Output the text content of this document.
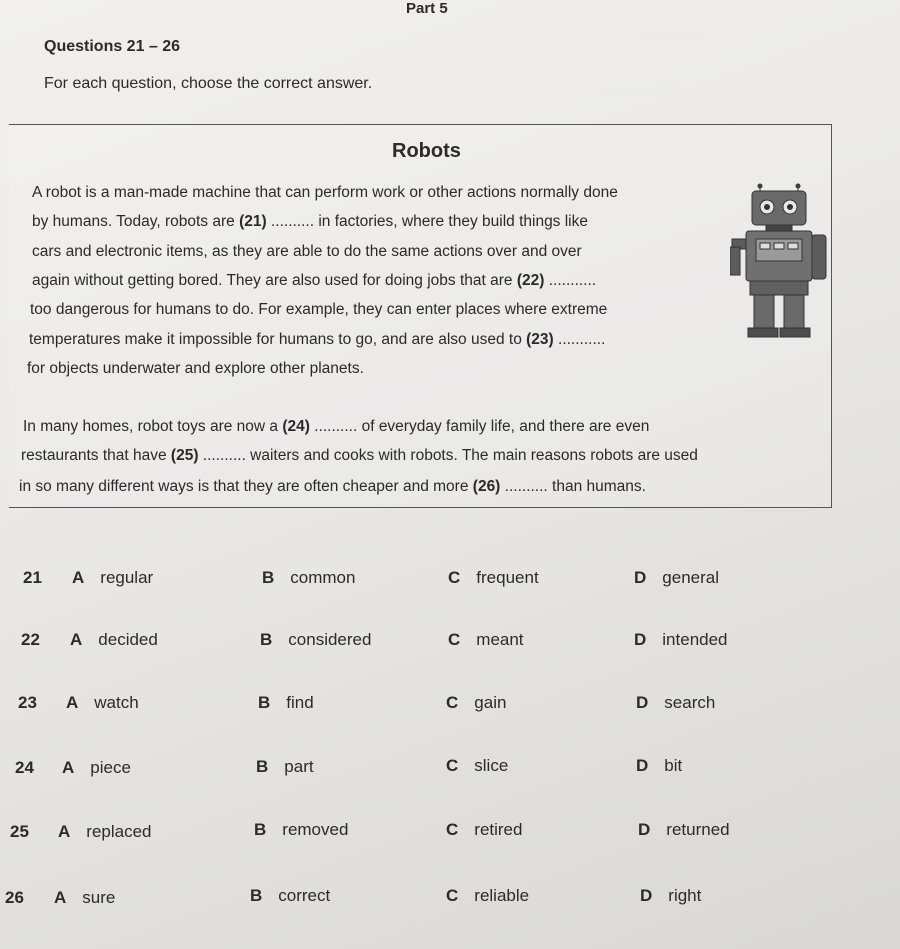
· · · · · · · ·
· · · · · · · · · ·
· · · · · · · · · · · · · ·
Part 5
Questions 21 – 26
For each question, choose the correct answer.
Robots
A robot is a man-made machine that can perform work or other actions normally done
by humans. Today, robots are (21) .......... in factories, where they build things like
cars and electronic items, as they are able to do the same actions over and over
again without getting bored. They are also used for doing jobs that are (22) ...........
too dangerous for humans to do. For example, they can enter places where extreme
temperatures make it impossible for humans to go, and are also used to (23) ...........
for objects underwater and explore other planets.
In many homes, robot toys are now a (24) .......... of everyday family life, and there are even
restaurants that have (25) .......... waiters and cooks with robots. The main reasons robots are used
in so many different ways is that they are often cheaper and more (26) .......... than humans.
21 A regular	B common	C frequent	D general
22 A decided	B considered	C meant	D intended
23 A watch	B find	C gain	D search
24 A piece	B part	C slice	D bit
25 A replaced	B removed	C retired	D returned
26 A sure	B correct	C reliable	D right
